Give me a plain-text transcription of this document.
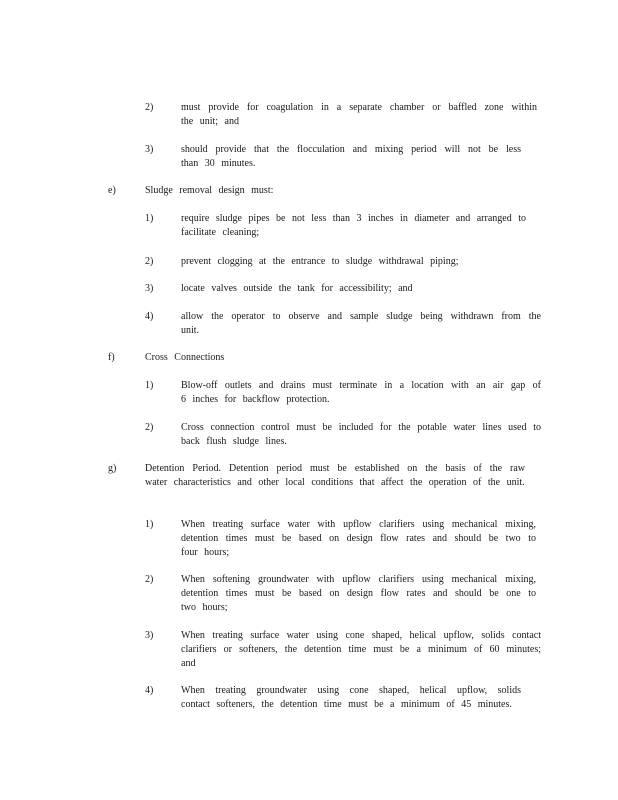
2)	must provide for coagulation in a separate chamber or baffled zone within the unit; and
3)	should provide that the flocculation and mixing period will not be less than 30 minutes.
e)	Sludge removal design must:
1)	require sludge pipes be not less than 3 inches in diameter and arranged to facilitate cleaning;
2)	prevent clogging at the entrance to sludge withdrawal piping;
3)	locate valves outside the tank for accessibility; and
4)	allow the operator to observe and sample sludge being withdrawn from the unit.
f)	Cross Connections
1)	Blow-off outlets and drains must terminate in a location with an air gap of 6 inches for backflow protection.
2)	Cross connection control must be included for the potable water lines used to back flush sludge lines.
g)	Detention Period. Detention period must be established on the basis of the raw water characteristics and other local conditions that affect the operation of the unit.
1)	When treating surface water with upflow clarifiers using mechanical mixing, detention times must be based on design flow rates and should be two to four hours;
2)	When softening groundwater with upflow clarifiers using mechanical mixing, detention times must be based on design flow rates and should be one to two hours;
3)	When treating surface water using cone shaped, helical upflow, solids contact clarifiers or softeners, the detention time must be a minimum of 60 minutes; and
4)	When treating groundwater using cone shaped, helical upflow, solids contact softeners, the detention time must be a minimum of 45 minutes.
